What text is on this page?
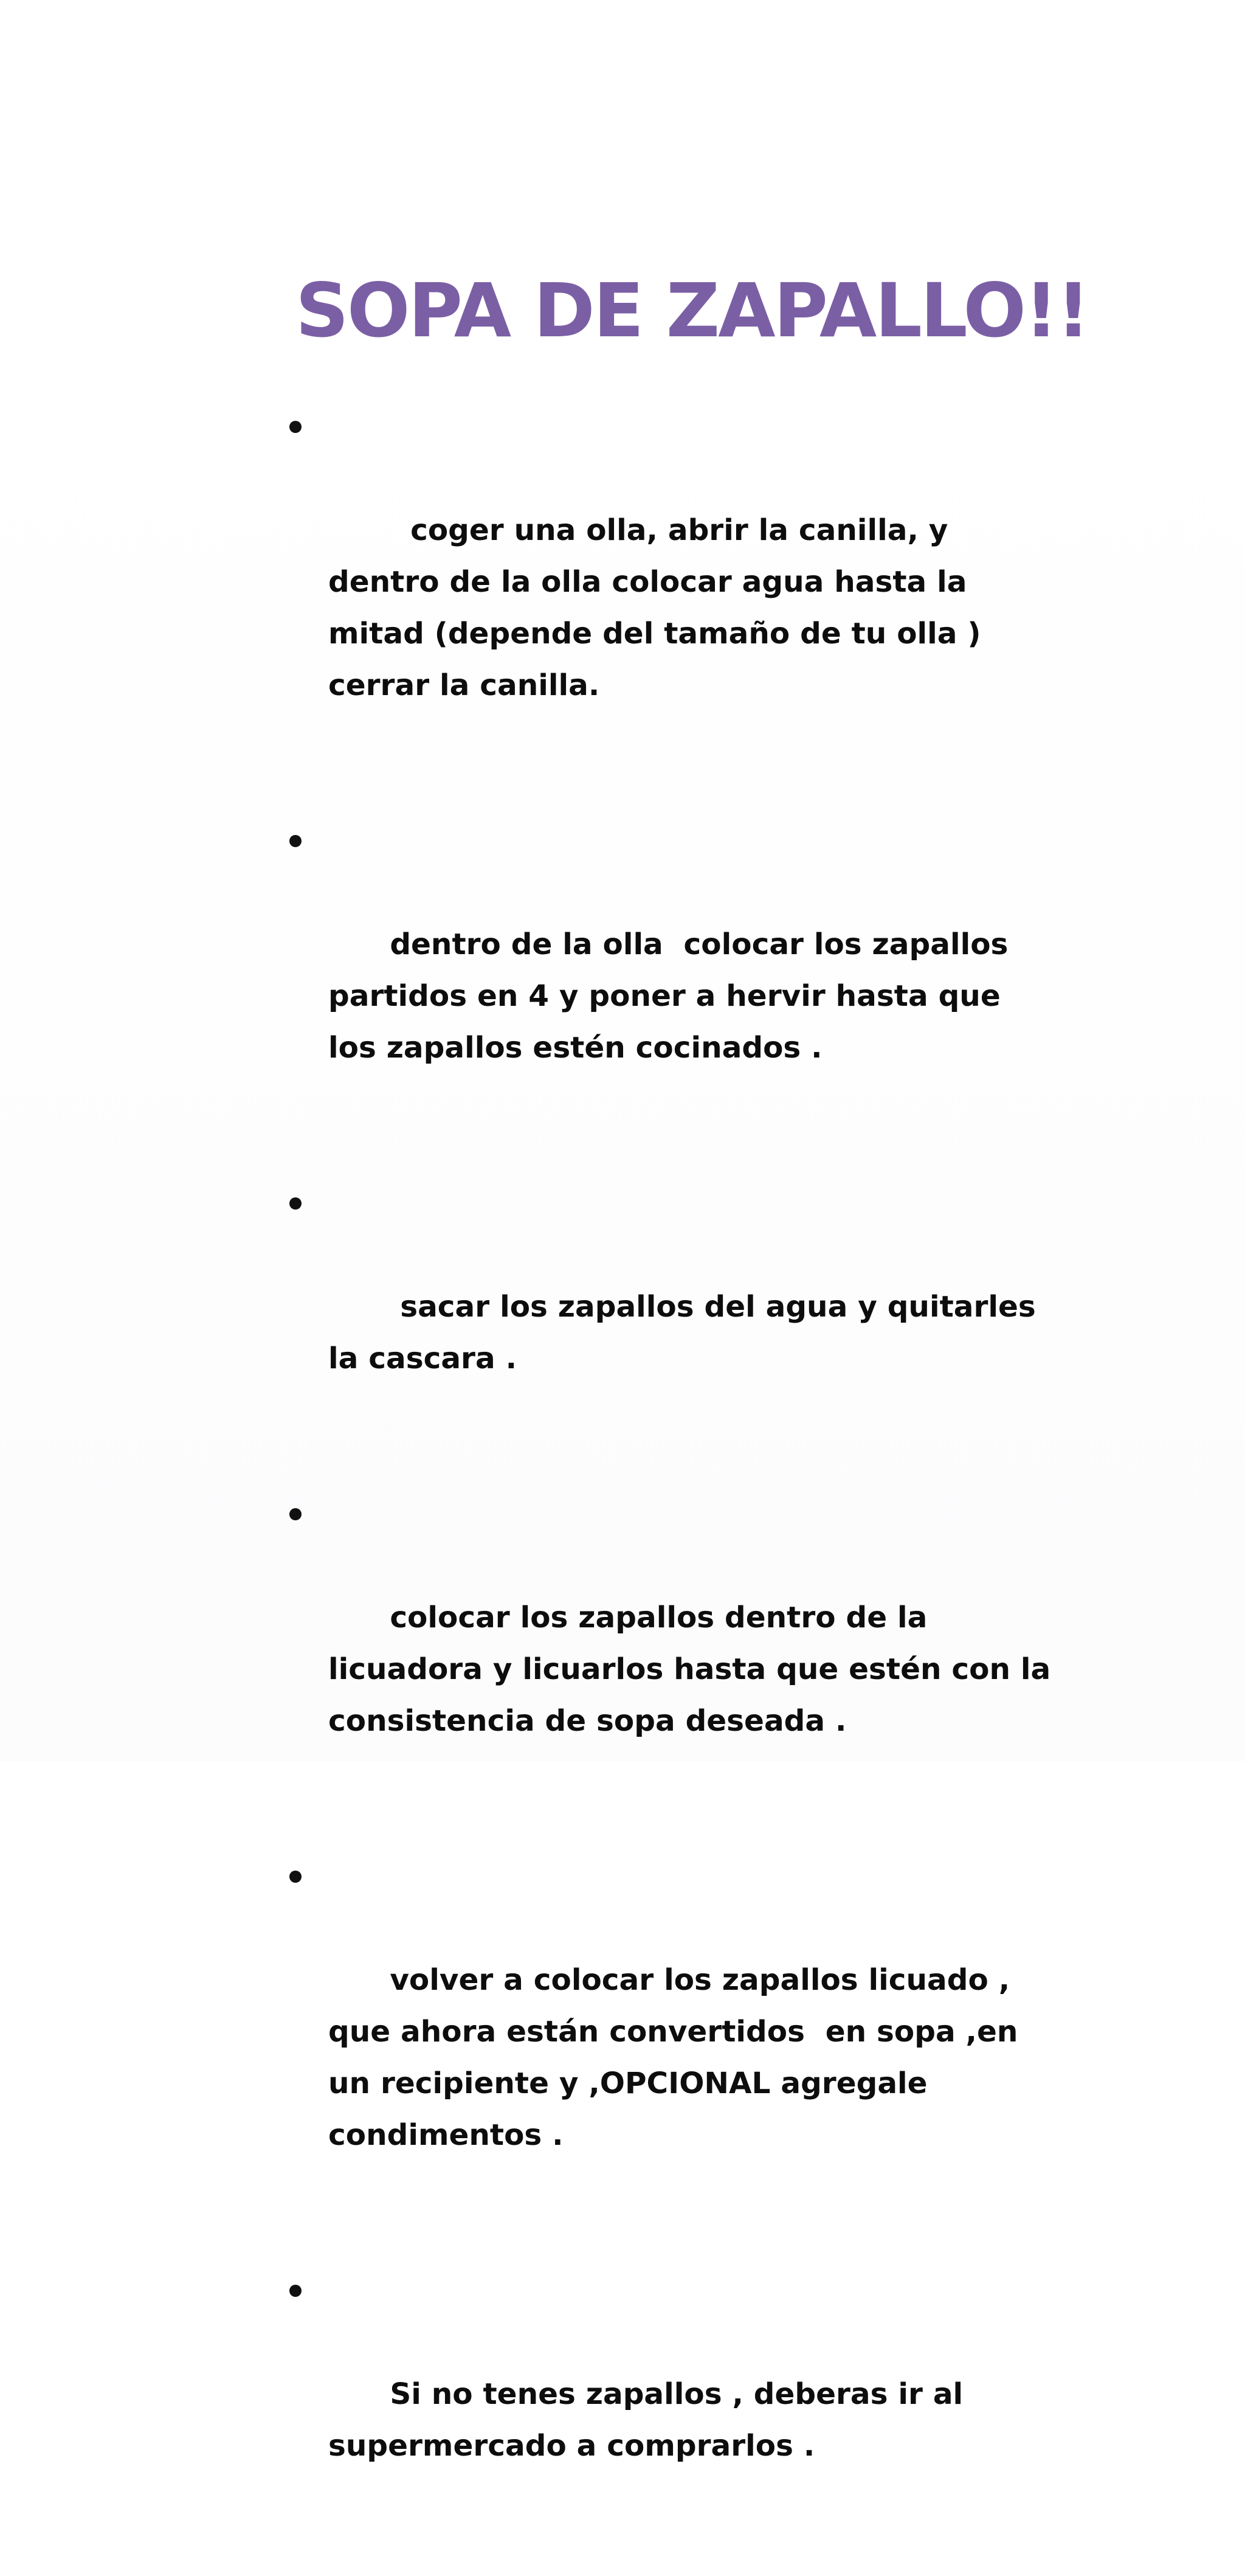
SOPA DE ZAPALLO!!

coger una olla, abrir la canilla, y dentro de la olla colocar agua hasta la mitad (depende del tamaño de tu olla ) cerrar la canilla.

dentro de la olla  colocar los zapallos partidos en 4 y poner a hervir hasta que los zapallos estén cocinados .

sacar los zapallos del agua y quitarles la cascara .

colocar los zapallos dentro de la licuadora y licuarlos hasta que estén con la consistencia de sopa deseada .

volver a colocar los zapallos licuado , que ahora están convertidos  en sopa ,en un recipiente y ,OPCIONAL agregale condimentos .

Si no tenes zapallos , deberas ir al supermercado a comprarlos .
